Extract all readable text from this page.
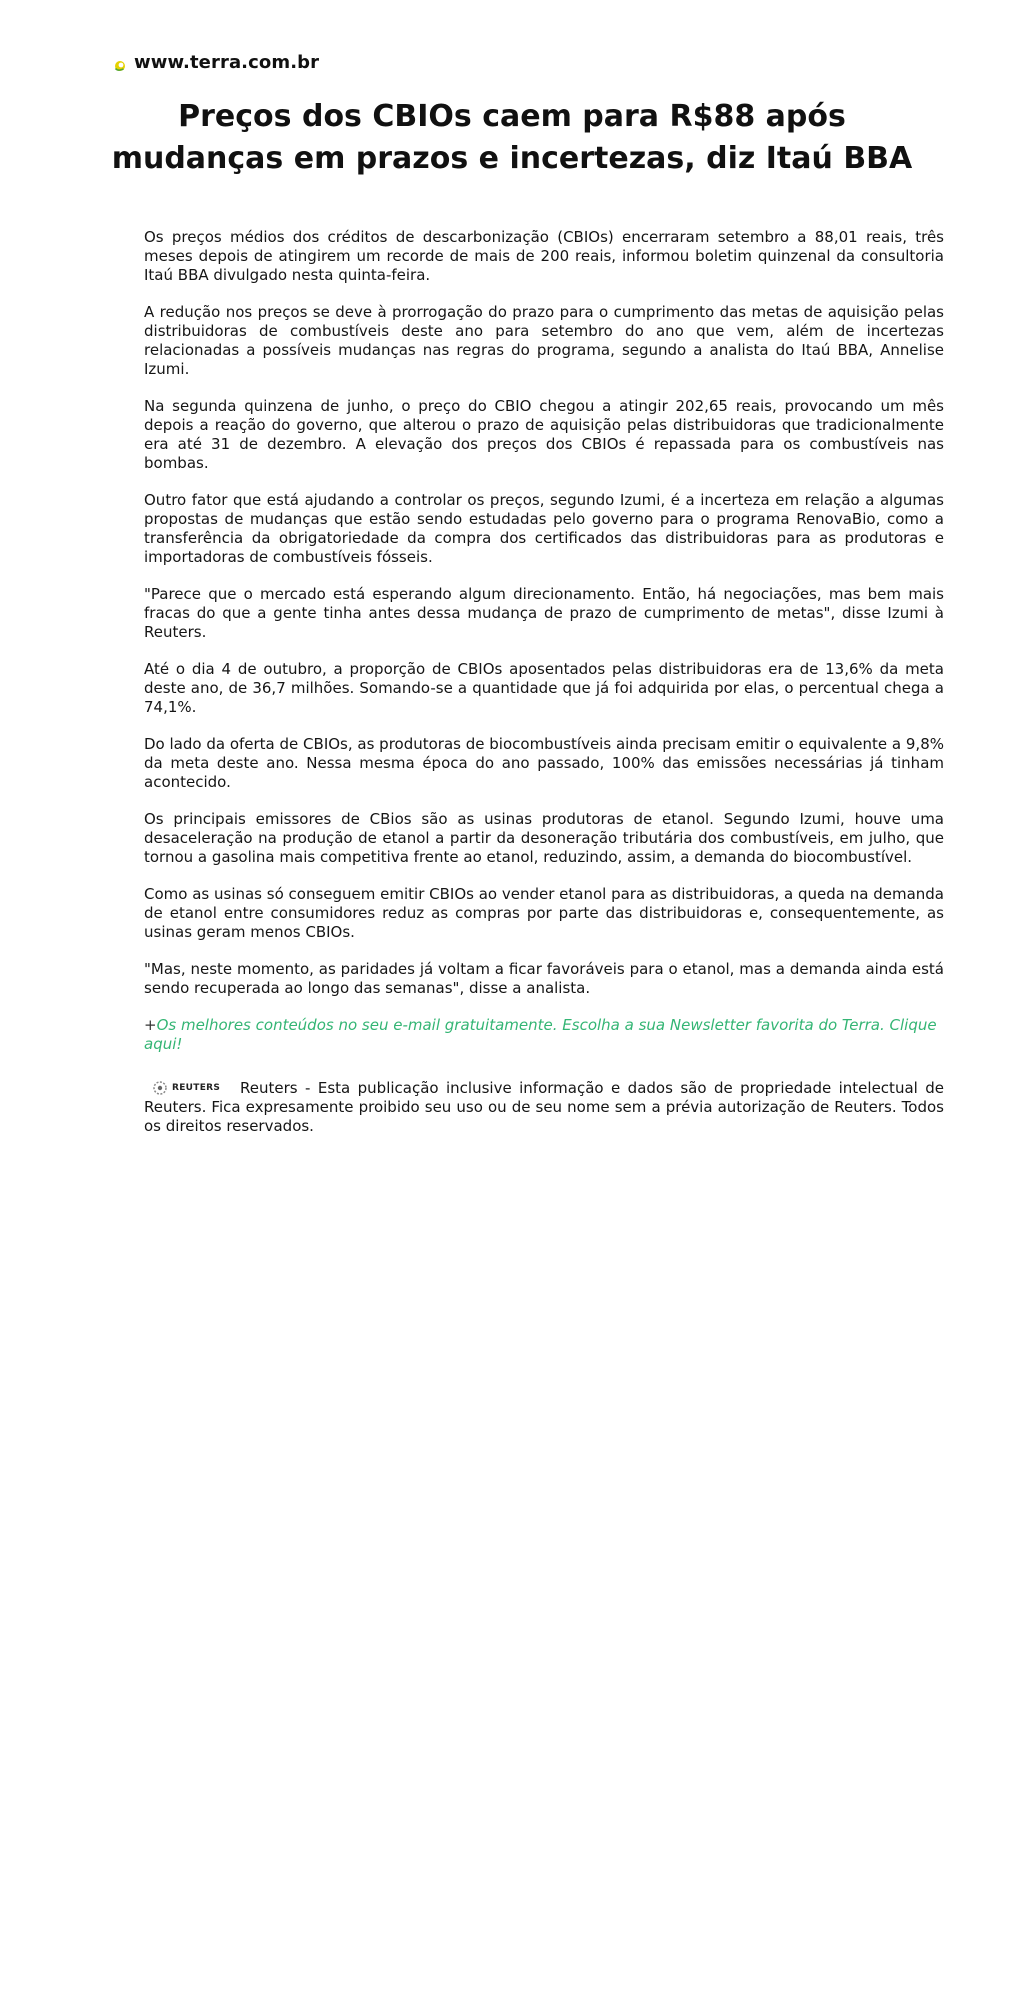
www.terra.com.br
Preços dos CBIOs caem para R$88 após mudanças em prazos e incertezas, diz Itaú BBA

Os preços médios dos créditos de descarbonização (CBIOs) encerraram setembro a 88,01 reais, três meses depois de atingirem um recorde de mais de 200 reais, informou boletim quinzenal da consultoria Itaú BBA divulgado nesta quinta-feira.

A redução nos preços se deve à prorrogação do prazo para o cumprimento das metas de aquisição pelas distribuidoras de combustíveis deste ano para setembro do ano que vem, além de incertezas relacionadas a possíveis mudanças nas regras do programa, segundo a analista do Itaú BBA, Annelise Izumi.

Na segunda quinzena de junho, o preço do CBIO chegou a atingir 202,65 reais, provocando um mês depois a reação do governo, que alterou o prazo de aquisição pelas distribuidoras que tradicionalmente era até 31 de dezembro. A elevação dos preços dos CBIOs é repassada para os combustíveis nas bombas.

Outro fator que está ajudando a controlar os preços, segundo Izumi, é a incerteza em relação a algumas propostas de mudanças que estão sendo estudadas pelo governo para o programa RenovaBio, como a transferência da obrigatoriedade da compra dos certificados das distribuidoras para as produtoras e importadoras de combustíveis fósseis.

"Parece que o mercado está esperando algum direcionamento. Então, há negociações, mas bem mais fracas do que a gente tinha antes dessa mudança de prazo de cumprimento de metas", disse Izumi à Reuters.

Até o dia 4 de outubro, a proporção de CBIOs aposentados pelas distribuidoras era de 13,6% da meta deste ano, de 36,7 milhões. Somando-se a quantidade que já foi adquirida por elas, o percentual chega a 74,1%.

Do lado da oferta de CBIOs, as produtoras de biocombustíveis ainda precisam emitir o equivalente a 9,8% da meta deste ano. Nessa mesma época do ano passado, 100% das emissões necessárias já tinham acontecido.

Os principais emissores de CBios são as usinas produtoras de etanol. Segundo Izumi, houve uma desaceleração na produção de etanol a partir da desoneração tributária dos combustíveis, em julho, que tornou a gasolina mais competitiva frente ao etanol, reduzindo, assim, a demanda do biocombustível.

Como as usinas só conseguem emitir CBIOs ao vender etanol para as distribuidoras, a queda na demanda de etanol entre consumidores reduz as compras por parte das distribuidoras e, consequentemente, as usinas geram menos CBIOs.

"Mas, neste momento, as paridades já voltam a ficar favoráveis para o etanol, mas a demanda ainda está sendo recuperada ao longo das semanas", disse a analista.

+Os melhores conteúdos no seu e-mail gratuitamente. Escolha a sua Newsletter favorita do Terra. Clique aqui!
REUTERS Reuters - Esta publicação inclusive informação e dados são de propriedade intelectual de Reuters. Fica expresamente proibido seu uso ou de seu nome sem a prévia autorização de Reuters. Todos os direitos reservados.
